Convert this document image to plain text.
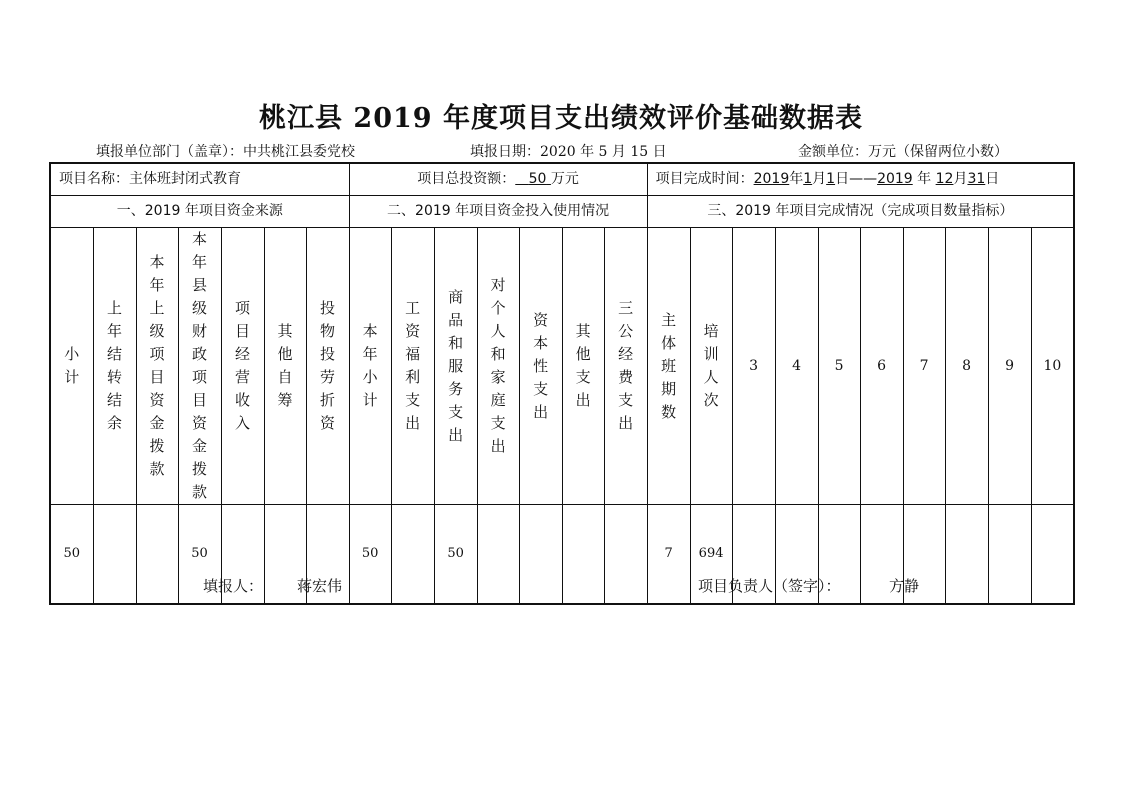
桃江县 2019 年度项目支出绩效评价基础数据表
填报单位部门（盖章）：中共桃江县委党校	填报日期：2020 年 5 月 15 日	金额单位：万元（保留两位小数）
项目名称：主体班封闭式教育							项目总投资额： 50 万元							项目完成时间：2019年1月1日——2019 年 12月31日									
一、2019 年项目资金来源							二、2019 年项目资金投入使用情况							三、2019 年项目完成情况（完成项目数量指标）									
小计	上年结转结余	本年上级项目资金拨款	本年县级财政项目资金拨款	项目经营收入	其他自筹	投物投劳折资	本年小计	工资福利支出	商品和服务支出	对个人和家庭支出	资本性支出	其他支出	三公经费支出	主体班期数	培训人次	3	4	5	6	7	8	9	10
50			50				50		50					7	694								
填报人： 蒋宏伟	项目负责人（签字）：	方静
